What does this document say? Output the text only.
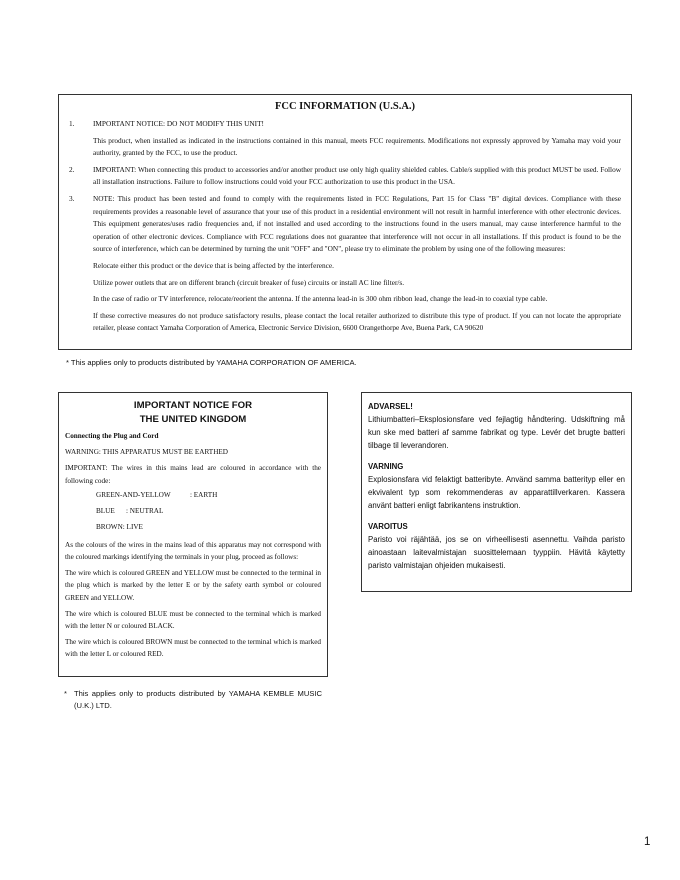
FCC INFORMATION (U.S.A.)
1.	IMPORTANT NOTICE: DO NOT MODIFY THIS UNIT!

This product, when installed as indicated in the instructions contained in this manual, meets FCC requirements. Modifications not expressly approved by Yamaha may void your authority, granted by the FCC, to use the product.

2.	IMPORTANT: When connecting this product to accessories and/or another product use only high quality shielded cables. Cable/s supplied with this product MUST be used. Follow all installation instructions. Failure to follow instructions could void your FCC authorization to use this product in the USA.

3.	NOTE: This product has been tested and found to comply with the requirements listed in FCC Regulations, Part 15 for Class "B" digital devices. Compliance with these requirements provides a reasonable level of assurance that your use of this product in a residential environment will not result in harmful interference with other electronic devices. This equipment generates/uses radio frequencies and, if not installed and used according to the instructions found in the users manual, may cause interference harmful to the operation of other electronic devices. Compliance with FCC regulations does not guarantee that interference will not occur in all installations. If this product is found to be the source of interference, which can be determined by turning the unit "OFF" and "ON", please try to eliminate the problem by using one of the following measures:

Relocate either this product or the device that is being affected by the interference.

Utilize power outlets that are on different branch (circuit breaker of fuse) circuits or install AC line filter/s.

In the case of radio or TV interference, relocate/reorient the antenna. If the antenna lead-in is 300 ohm ribbon lead, change the lead-in to coaxial type cable.

If these corrective measures do not produce satisfactory results, please contact the local retailer authorized to distribute this type of product. If you can not locate the appropriate retailer, please contact Yamaha Corporation of America, Electronic Service Division, 6600 Orangethorpe Ave, Buena Park, CA 90620

* This applies only to products distributed by YAMAHA CORPORATION OF AMERICA.
IMPORTANT NOTICE FOR
THE UNITED KINGDOM

Connecting the Plug and Cord

WARNING: THIS APPARATUS MUST BE EARTHED

IMPORTANT: The wires in this mains lead are coloured in accordance with the following code:

GREEN-AND-YELLOW	: EARTH
BLUE : NEUTRAL
BROWN: LIVE

As the colours of the wires in the mains lead of this apparatus may not correspond with the coloured markings identifying the terminals in your plug, proceed as follows:

The wire which is coloured GREEN and YELLOW must be connected to the terminal in the plug which is marked by the letter E or by the safety earth symbol or coloured GREEN and YELLOW.

The wire which is coloured BLUE must be connected to the terminal which is marked with the letter N or coloured BLACK.

The wire which is coloured BROWN must be connected to the terminal which is marked with the letter L or coloured RED.

* This applies only to products distributed by YAMAHA KEMBLE MUSIC (U.K.) LTD.

ADVARSEL!

Lithiumbatteri–Eksplosionsfare ved fejlagtig håndtering. Udskiftning må kun ske med batteri af samme fabrikat og type. Levér det brugte batteri tilbage til leverandoren.

VARNING

Explosionsfara vid felaktigt batteribyte. Använd samma batterityp eller en ekvivalent typ som rekommenderas av apparattillverkaren. Kassera använt batteri enligt fabrikantens instruktion.

VAROITUS

Paristo voi räjähtää, jos se on virheellisesti asennettu. Vaihda paristo ainoastaan laitevalmistajan suosittelemaan tyyppiin. Hävitä käytetty paristo valmistajan ohjeiden mukaisesti.

1
